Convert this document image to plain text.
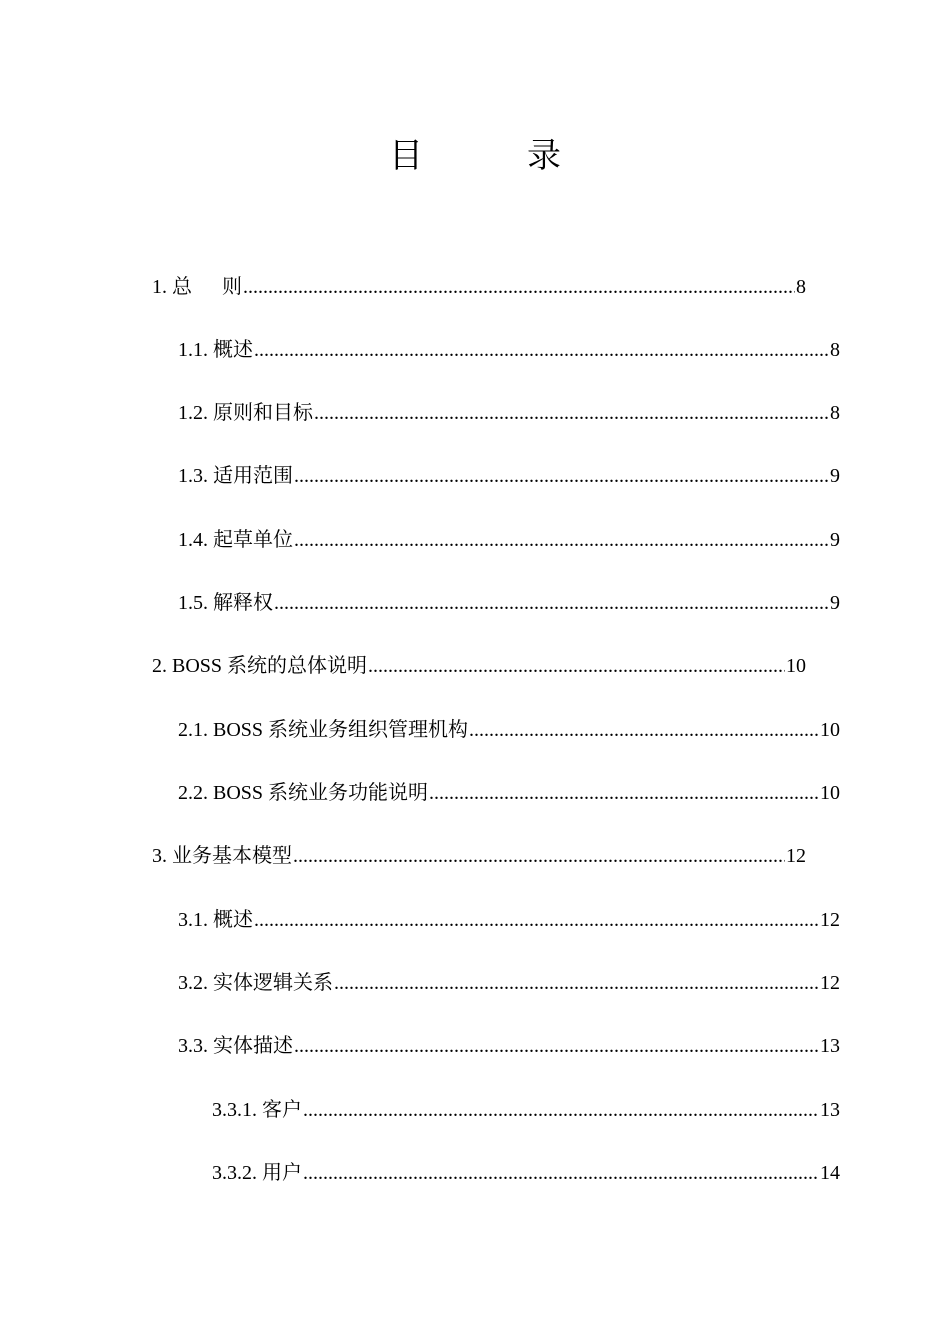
目	录
1. 总 则 .....	8
1.1. 概述 .....	8
1.2. 原则和目标 .....	8
1.3. 适用范围 .....	9
1.4. 起草单位 .....	9
1.5. 解释权 .....	9
2. BOSS 系统的总体说明 .....	10
2.1. BOSS 系统业务组织管理机构 .....	10
2.2. BOSS 系统业务功能说明 .....	10
3. 业务基本模型 .....	12
3.1. 概述 .....	12
3.2. 实体逻辑关系 .....	12
3.3. 实体描述 .....	13
3.3.1. 客户 .....	13
3.3.2. 用户 .....	14
